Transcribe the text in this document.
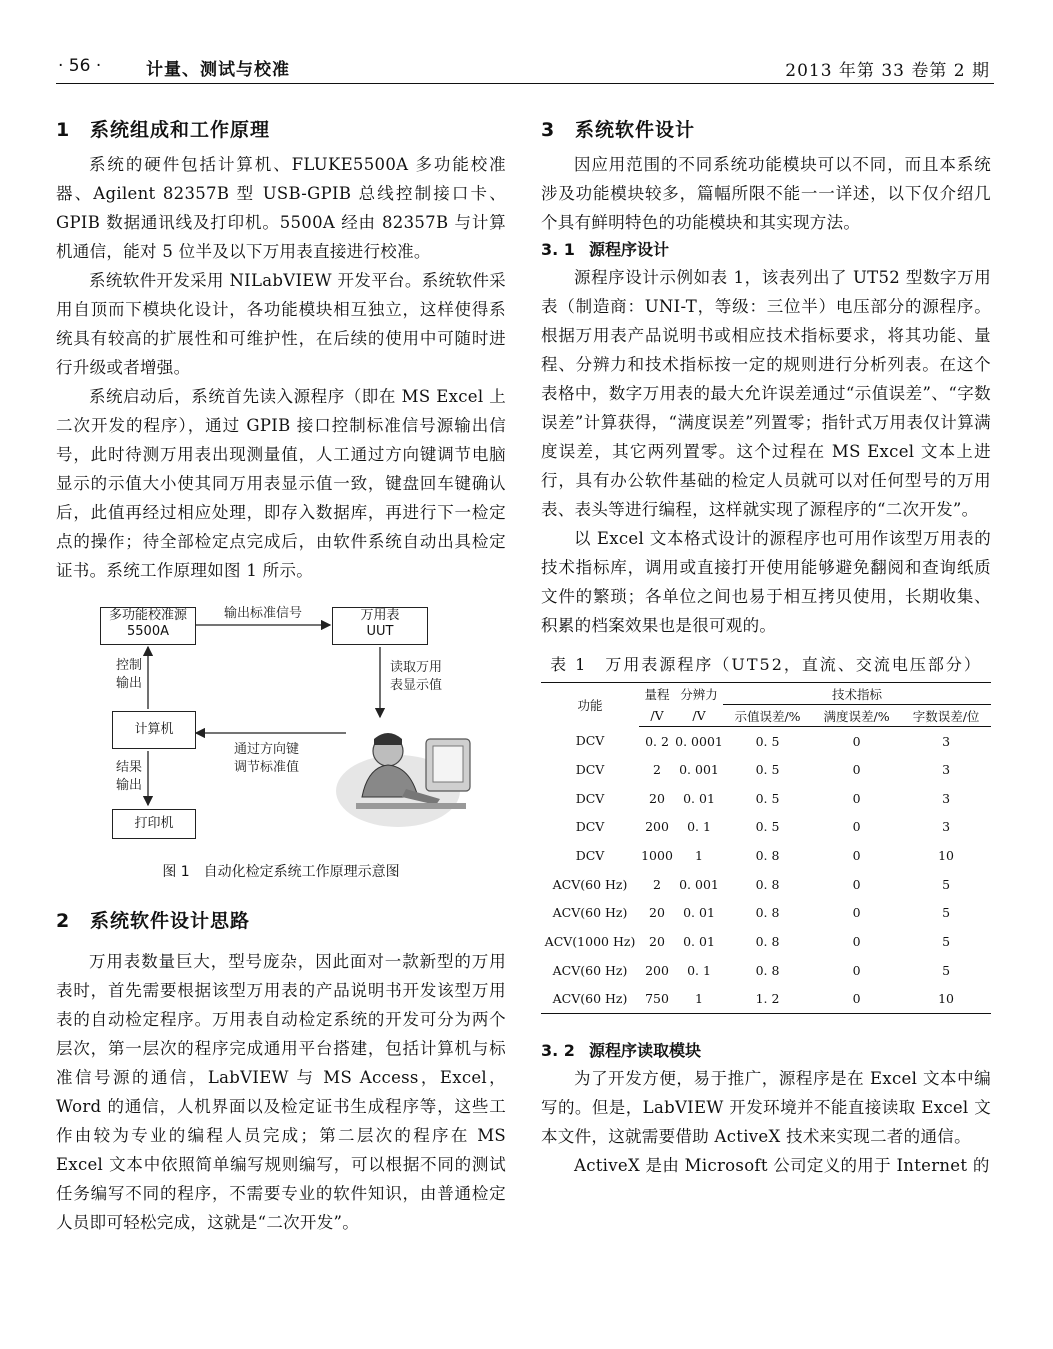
· 56 ·	计量、测试与校准	2013 年第 33 卷第 2 期
1 系统组成和工作原理

系统的硬件包括计算机、FLUKE5500A 多功能校准器、Agilent 82357B 型 USB-GPIB 总线控制接口卡、GPIB 数据通讯线及打印机。5500A 经由 82357B 与计算机通信，能对 5 位半及以下万用表直接进行校准。

系统软件开发采用 NILabVIEW 开发平台。系统软件采用自顶而下模块化设计，各功能模块相互独立，这样使得系统具有较高的扩展性和可维护性，在后续的使用中可随时进行升级或者增强。

系统启动后，系统首先读入源程序（即在 MS Excel 上二次开发的程序），通过 GPIB 接口控制标准信号源输出信号，此时待测万用表出现测量值，人工通过方向键调节电脑显示的示值大小使其同万用表显示值一致，键盘回车键确认后，此值再经过相应处理，即存入数据库，再进行下一检定点的操作；待全部检定点完成后，由软件系统自动出具检定证书。系统工作原理如图 1 所示。

多功能校准源
5500A
万用表
UUT
计算机
打印机
输出标准信号
控制
输出
读取万用
表显示值
通过方向键
调节标准值
结果
输出
图 1　自动化检定系统工作原理示意图
2 系统软件设计思路

万用表数量巨大，型号庞杂，因此面对一款新型的万用表时，首先需要根据该型万用表的产品说明书开发该型万用表的自动检定程序。万用表自动检定系统的开发可分为两个层次，第一层次的程序完成通用平台搭建，包括计算机与标准信号源的通信，LabVIEW 与 MS Access，Excel，Word 的通信，人机界面以及检定证书生成程序等，这些工作由较为专业的编程人员完成；第二层次的程序在 MS Excel 文本中依照简单编写规则编写，可以根据不同的测试任务编写不同的程序，不需要专业的软件知识，由普通检定人员即可轻松完成，这就是“二次开发”。

3 系统软件设计

因应用范围的不同系统功能模块可以不同，而且本系统涉及功能模块较多，篇幅所限不能一一详述，以下仅介绍几个具有鲜明特色的功能模块和其实现方法。

3. 1 源程序设计

源程序设计示例如表 1，该表列出了 UT52 型数字万用表（制造商：UNI-T，等级：三位半）电压部分的源程序。根据万用表产品说明书或相应技术指标要求，将其功能、量程、分辨力和技术指标按一定的规则进行分析列表。在这个表格中，数字万用表的最大允许误差通过“示值误差”、“字数误差”计算获得，“满度误差”列置零；指针式万用表仅计算满度误差，其它两列置零。这个过程在 MS Excel 文本上进行，具有办公软件基础的检定人员就可以对任何型号的万用表、表头等进行编程，这样就实现了源程序的“二次开发”。

以 Excel 文本格式设计的源程序也可用作该型万用表的技术指标库，调用或直接打开使用能够避免翻阅和查询纸质文件的繁琐；各单位之间也易于相互拷贝使用，长期收集、积累的档案效果也是很可观的。

表 1　万用表源程序（UT52，直流、交流电压部分）
功能	量程	分辨力	技术指标		
	/V	/V	示值误差/%	满度误差/%	字数误差/位
DCV	0. 2	0. 0001	0. 5	0	3
DCV	2	0. 001	0. 5	0	3
DCV	20	0. 01	0. 5	0	3
DCV	200	0. 1	0. 5	0	3
DCV	1000	1	0. 8	0	10
ACV(60 Hz)	2	0. 001	0. 8	0	5
ACV(60 Hz)	20	0. 01	0. 8	0	5
ACV(1000 Hz)	20	0. 01	0. 8	0	5
ACV(60 Hz)	200	0. 1	0. 8	0	5
ACV(60 Hz)	750	1	1. 2	0	10
3. 2 源程序读取模块

为了开发方便，易于推广，源程序是在 Excel 文本中编写的。但是，LabVIEW 开发环境并不能直接读取 Excel 文本文件，这就需要借助 ActiveX 技术来实现二者的通信。

ActiveX 是由 Microsoft 公司定义的用于 Internet 的
